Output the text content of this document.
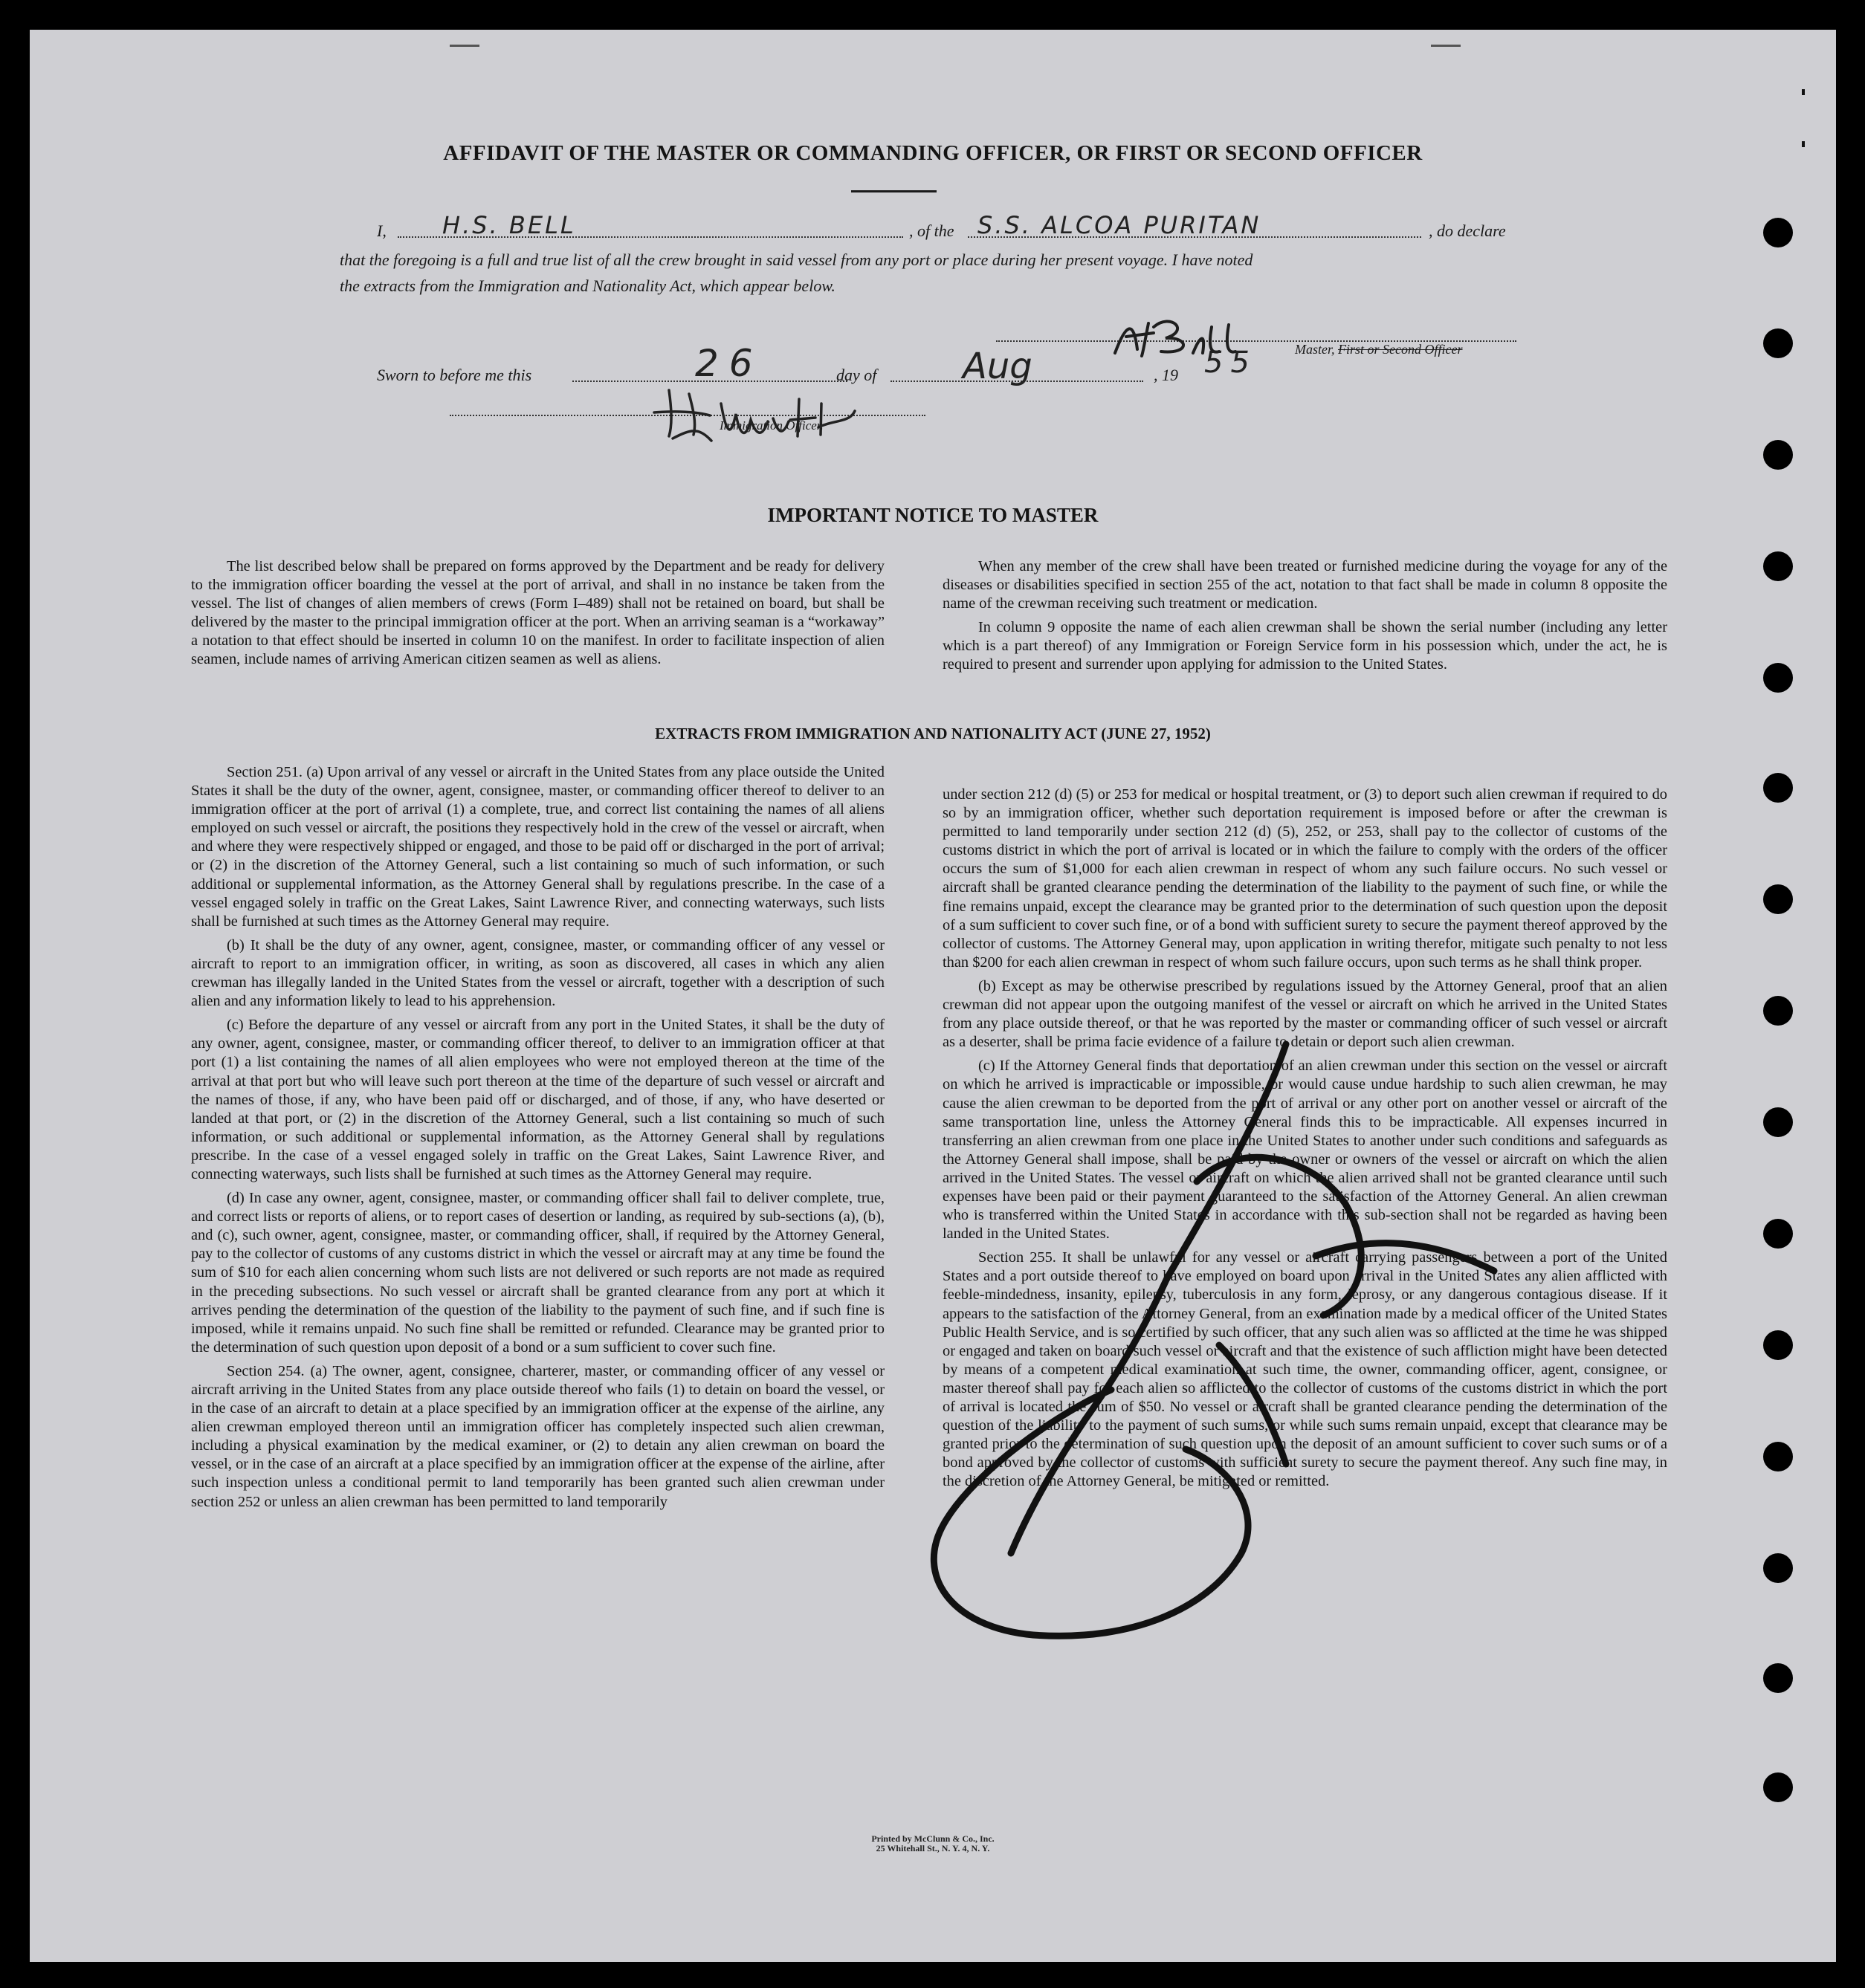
AFFIDAVIT OF THE MASTER OR COMMANDING OFFICER, OR FIRST OR SECOND OFFICER
I, H.S. BELL	, of the S.S. ALCOA PURITAN	, do declare
that the foregoing is a full and true list of all the crew brought in said vessel from any port or place during her present voyage. I have noted
the extracts from the Immigration and Nationality Act, which appear below.
Master, First or Second Officer
Sworn to before me this	26	day of Aug	, 19 55
Immigration Officer.
IMPORTANT NOTICE TO MASTER

The list described below shall be prepared on forms approved by the Department and be ready for delivery to the immigration officer boarding the vessel at the port of arrival, and shall in no instance be taken from the vessel. The list of changes of alien members of crews (Form I–489) shall not be retained on board, but shall be delivered by the master to the principal immigration officer at the port. When an arriving seaman is a “workaway” a notation to that effect should be inserted in column 10 on the manifest. In order to facilitate inspection of alien seamen, include names of arriving American citizen seamen as well as aliens.

When any member of the crew shall have been treated or furnished medicine during the voyage for any of the diseases or disabilities specified in section 255 of the act, notation to that fact shall be made in column 8 opposite the name of the crewman receiving such treatment or medication.

In column 9 opposite the name of each alien crewman shall be shown the serial number (including any letter which is a part thereof) of any Immigration or Foreign Service form in his possession which, under the act, he is required to present and surrender upon applying for admission to the United States.

EXTRACTS FROM IMMIGRATION AND NATIONALITY ACT (JUNE 27, 1952)

Section 251. (a) Upon arrival of any vessel or aircraft in the United States from any place outside the United States it shall be the duty of the owner, agent, consignee, master, or commanding officer thereof to deliver to an immigration officer at the port of arrival (1) a complete, true, and correct list containing the names of all aliens employed on such vessel or aircraft, the positions they respectively hold in the crew of the vessel or aircraft, when and where they were respectively shipped or engaged, and those to be paid off or discharged in the port of arrival; or (2) in the discretion of the Attorney General, such a list containing so much of such information, or such additional or supplemental information, as the Attorney General shall by regulations prescribe. In the case of a vessel engaged solely in traffic on the Great Lakes, Saint Lawrence River, and connecting waterways, such lists shall be furnished at such times as the Attorney General may require.

(b) It shall be the duty of any owner, agent, consignee, master, or commanding officer of any vessel or aircraft to report to an immigration officer, in writing, as soon as discovered, all cases in which any alien crewman has illegally landed in the United States from the vessel or aircraft, together with a description of such alien and any information likely to lead to his apprehension.

(c) Before the departure of any vessel or aircraft from any port in the United States, it shall be the duty of any owner, agent, consignee, master, or commanding officer thereof, to deliver to an immigration officer at that port (1) a list containing the names of all alien employees who were not employed thereon at the time of the arrival at that port but who will leave such port thereon at the time of the departure of such vessel or aircraft and the names of those, if any, who have been paid off or discharged, and of those, if any, who have deserted or landed at that port, or (2) in the discretion of the Attorney General, such a list containing so much of such information, or such additional or supplemental information, as the Attorney General shall by regulations prescribe. In the case of a vessel engaged solely in traffic on the Great Lakes, Saint Lawrence River, and connecting waterways, such lists shall be furnished at such times as the Attorney General may require.

(d) In case any owner, agent, consignee, master, or commanding officer shall fail to deliver complete, true, and correct lists or reports of aliens, or to report cases of desertion or landing, as required by sub-sections (a), (b), and (c), such owner, agent, consignee, master, or commanding officer, shall, if required by the Attorney General, pay to the collector of customs of any customs district in which the vessel or aircraft may at any time be found the sum of $10 for each alien concerning whom such lists are not delivered or such reports are not made as required in the preceding subsections. No such vessel or aircraft shall be granted clearance from any port at which it arrives pending the determination of the question of the liability to the payment of such fine, and if such fine is imposed, while it remains unpaid. No such fine shall be remitted or refunded. Clearance may be granted prior to the determination of such question upon deposit of a bond or a sum sufficient to cover such fine.

Section 254. (a) The owner, agent, consignee, charterer, master, or commanding officer of any vessel or aircraft arriving in the United States from any place outside thereof who fails (1) to detain on board the vessel, or in the case of an aircraft to detain at a place specified by an immigration officer at the expense of the airline, any alien crewman employed thereon until an immigration officer has completely inspected such alien crewman, including a physical examination by the medical examiner, or (2) to detain any alien crewman on board the vessel, or in the case of an aircraft at a place specified by an immigration officer at the expense of the airline, after such inspection unless a conditional permit to land temporarily has been granted such alien crewman under section 252 or unless an alien crewman has been permitted to land temporarily

under section 212 (d) (5) or 253 for medical or hospital treatment, or (3) to deport such alien crewman if required to do so by an immigration officer, whether such deportation requirement is imposed before or after the crewman is permitted to land temporarily under section 212 (d) (5), 252, or 253, shall pay to the collector of customs of the customs district in which the port of arrival is located or in which the failure to comply with the orders of the officer occurs the sum of $1,000 for each alien crewman in respect of whom any such failure occurs. No such vessel or aircraft shall be granted clearance pending the determination of the liability to the payment of such fine, or while the fine remains unpaid, except the clearance may be granted prior to the determination of such question upon the deposit of a sum sufficient to cover such fine, or of a bond with sufficient surety to secure the payment thereof approved by the collector of customs. The Attorney General may, upon application in writing therefor, mitigate such penalty to not less than $200 for each alien crewman in respect of whom such failure occurs, upon such terms as he shall think proper.

(b) Except as may be otherwise prescribed by regulations issued by the Attorney General, proof that an alien crewman did not appear upon the outgoing manifest of the vessel or aircraft on which he arrived in the United States from any place outside thereof, or that he was reported by the master or commanding officer of such vessel or aircraft as a deserter, shall be prima facie evidence of a failure to detain or deport such alien crewman.

(c) If the Attorney General finds that deportation of an alien crewman under this section on the vessel or aircraft on which he arrived is impracticable or impossible, or would cause undue hardship to such alien crewman, he may cause the alien crewman to be deported from the port of arrival or any other port on another vessel or aircraft of the same transportation line, unless the Attorney General finds this to be impracticable. All expenses incurred in transferring an alien crewman from one place in the United States to another under such conditions and safeguards as the Attorney General shall impose, shall be paid by the owner or owners of the vessel or aircraft on which the alien arrived in the United States. The vessel or aircraft on which the alien arrived shall not be granted clearance until such expenses have been paid or their payment guaranteed to the satisfaction of the Attorney General. An alien crewman who is transferred within the United States in accordance with this sub-section shall not be regarded as having been landed in the United States.

Section 255. It shall be unlawful for any vessel or aircraft carrying passengers between a port of the United States and a port outside thereof to have employed on board upon arrival in the United States any alien afflicted with feeble-mindedness, insanity, epilepsy, tuberculosis in any form, leprosy, or any dangerous contagious disease. If it appears to the satisfaction of the Attorney General, from an examination made by a medical officer of the United States Public Health Service, and is so certified by such officer, that any such alien was so afflicted at the time he was shipped or engaged and taken on board such vessel or aircraft and that the existence of such affliction might have been detected by means of a competent medical examination at such time, the owner, commanding officer, agent, consignee, or master thereof shall pay for each alien so afflicted to the collector of customs of the customs district in which the port of arrival is located the sum of $50. No vessel or aircraft shall be granted clearance pending the determination of the question of the liability to the payment of such sums, or while such sums remain unpaid, except that clearance may be granted prior to the determination of such question upon the deposit of an amount sufficient to cover such sums or of a bond approved by the collector of customs with sufficient surety to secure the payment thereof. Any such fine may, in the discretion of the Attorney General, be mitigated or remitted.

Printed by McClunn & Co., Inc.
25 Whitehall St., N. Y. 4, N. Y.
